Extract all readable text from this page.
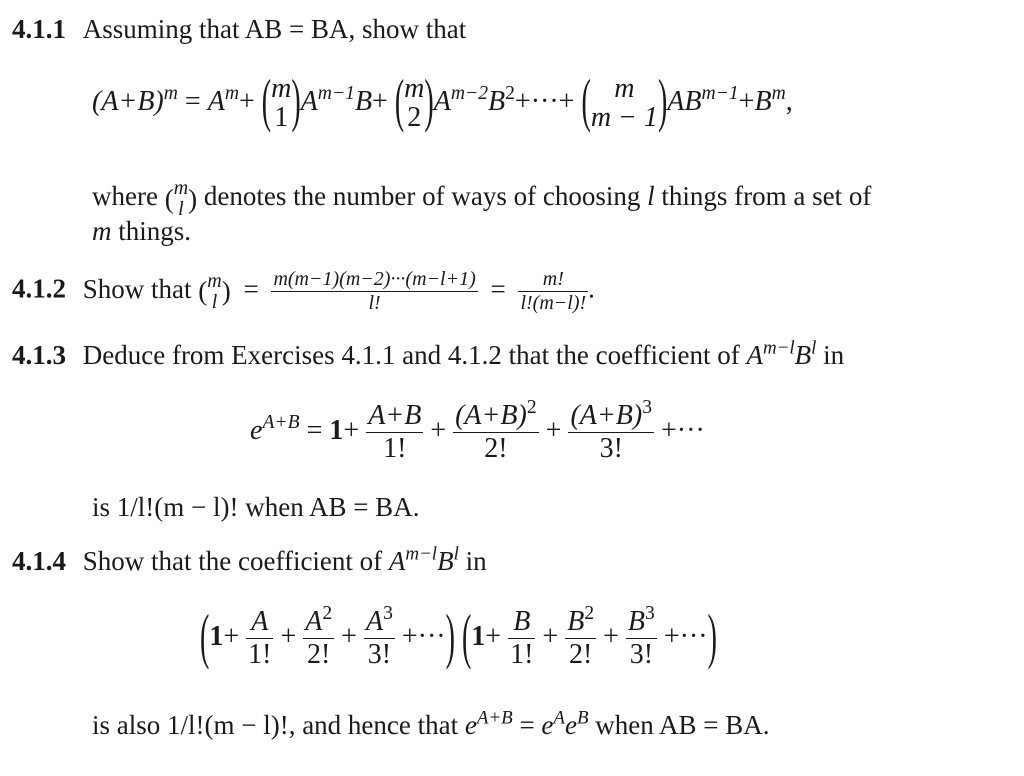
4.1.1 Assuming that AB = BA, show that
$(A+B)^m = A^m+$ ( m
1 )$A^{m-1}B+$ ( m
2 )$A^{m-2}B^2+\cdot\cdot\cdot+$ ( m
m − 1 )$AB^{m-1}+B^m$,
where ( m
l ) denotes the number of ways of choosing l things from a set of
m things.
4.1.2 Show that ( m
l ) = $\frac{m(m-1)(m-2)\cdot\cdot\cdot(m-l+1)}{l!} = \frac{m!}{l!(m-l)!}$ .
4.1.3 Deduce from Exercises 4.1.1 and 4.1.2 that the coefficient of $A^{m-l}B^l$ in
$e^{A+B} = 1+ \frac{A+B}{1!} + \frac{(A+B)^2}{2!} + \frac{(A+B)^3}{3!}$ +···
is 1/l!(m − l)! when AB = BA.
4.1.4 Show that the coefficient of $A^{m-l}B^l$ in
($1+ \frac{A}{1!} + \frac{A^2}{2!} + \frac{A^3}{3!}$ +···) ($1+ \frac{B}{1!} + \frac{B^2}{2!} + \frac{B^3}{3!}$ +···)
is also 1/l!(m − l)!, and hence that $e^{A+B} = e^Ae^B$ when AB = BA.
